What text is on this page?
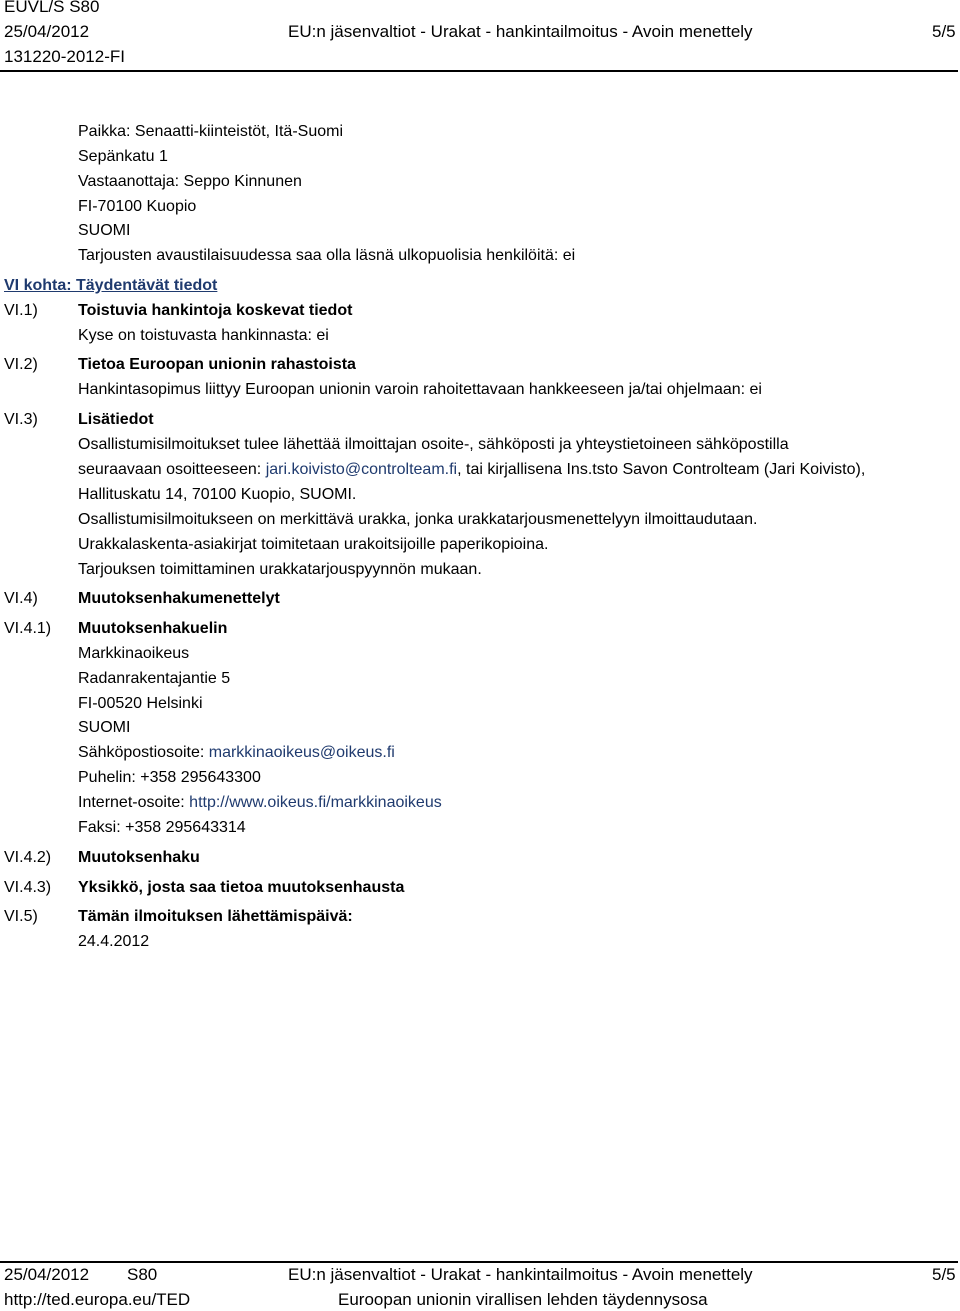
EUVL/S S80
25/04/2012
131220-2012-FI
EU:n jäsenvaltiot - Urakat - hankintailmoitus - Avoin menettely	5/5
Paikka: Senaatti-kiinteistöt, Itä-Suomi
Sepänkatu 1
Vastaanottaja: Seppo Kinnunen
FI-70100 Kuopio
SUOMI
Tarjousten avaustilaisuudessa saa olla läsnä ulkopuolisia henkilöitä: ei
VI kohta: Täydentävät tiedot
VI.1)	Toistuvia hankintoja koskevat tiedot
Kyse on toistuvasta hankinnasta: ei
VI.2)	Tietoa Euroopan unionin rahastoista
Hankintasopimus liittyy Euroopan unionin varoin rahoitettavaan hankkeeseen ja/tai ohjelmaan: ei
VI.3)	Lisätiedot
Osallistumisilmoitukset tulee lähettää ilmoittajan osoite-, sähköposti ja yhteystietoineen sähköpostilla
seuraavaan osoitteeseen: jari.koivisto@controlteam.fi, tai kirjallisena Ins.tsto Savon Controlteam (Jari Koivisto),
Hallituskatu 14, 70100 Kuopio, SUOMI.
Osallistumisilmoitukseen on merkittävä urakka, jonka urakkatarjousmenettelyyn ilmoittaudutaan.
Urakkalaskenta-asiakirjat toimitetaan urakoitsijoille paperikopioina.
Tarjouksen toimittaminen urakkatarjouspyynnön mukaan.
VI.4)	Muutoksenhakumenettelyt
VI.4.1) Muutoksenhakuelin
Markkinaoikeus
Radanrakentajantie 5
FI-00520 Helsinki
SUOMI
Sähköpostiosoite: markkinaoikeus@oikeus.fi
Puhelin: +358 295643300
Internet-osoite: http://www.oikeus.fi/markkinaoikeus
Faksi: +358 295643314
VI.4.2) Muutoksenhaku
VI.4.3) Yksikkö, josta saa tietoa muutoksenhausta
VI.5)	Tämän ilmoituksen lähettämispäivä:
24.4.2012
25/04/2012 S80
http://ted.europa.eu/TED
EU:n jäsenvaltiot - Urakat - hankintailmoitus - Avoin menettely
Euroopan unionin virallisen lehden täydennysosa
5/5
